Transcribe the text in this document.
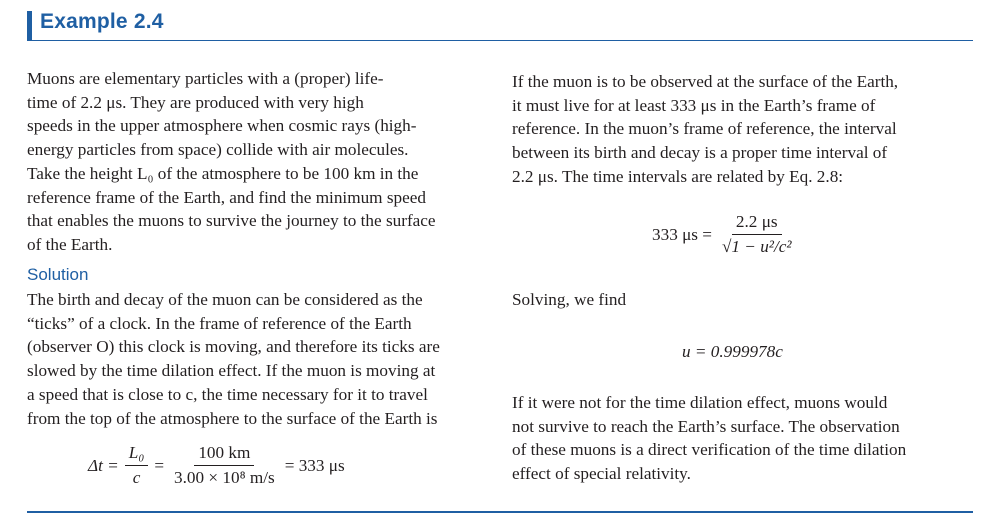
Example 2.4
Muons are elementary particles with a (proper) life-
time of 2.2 μs. They are produced with very high
speeds in the upper atmosphere when cosmic rays (high-
energy particles from space) collide with air molecules.
Take the height L₀ of the atmosphere to be 100 km in the
reference frame of the Earth, and find the minimum speed
that enables the muons to survive the journey to the surface
of the Earth.
Solution
The birth and decay of the muon can be considered as the
“ticks” of a clock. In the frame of reference of the Earth
(observer O) this clock is moving, and therefore its ticks are
slowed by the time dilation effect. If the muon is moving at
a speed that is close to c, the time necessary for it to travel
from the top of the atmosphere to the surface of the Earth is
$\Delta t = \frac{\text{L₀}}{c} = \frac{100 km}{\text{3.00 × 10⁸ m/s}} = 333$ μs
If the muon is to be observed at the surface of the Earth,
it must live for at least 333 μs in the Earth’s frame of
reference. In the muon’s frame of reference, the interval
between its birth and decay is a proper time interval of
2.2 μs. The time intervals are related by Eq. 2.8:
333 $\mu s = \frac{2.2 \mu s}{\text{√1 − u²/c²}}$
Solving, we find
u = 0.999978c
If it were not for the time dilation effect, muons would
not survive to reach the Earth’s surface. The observation
of these muons is a direct verification of the time dilation
effect of special relativity.
